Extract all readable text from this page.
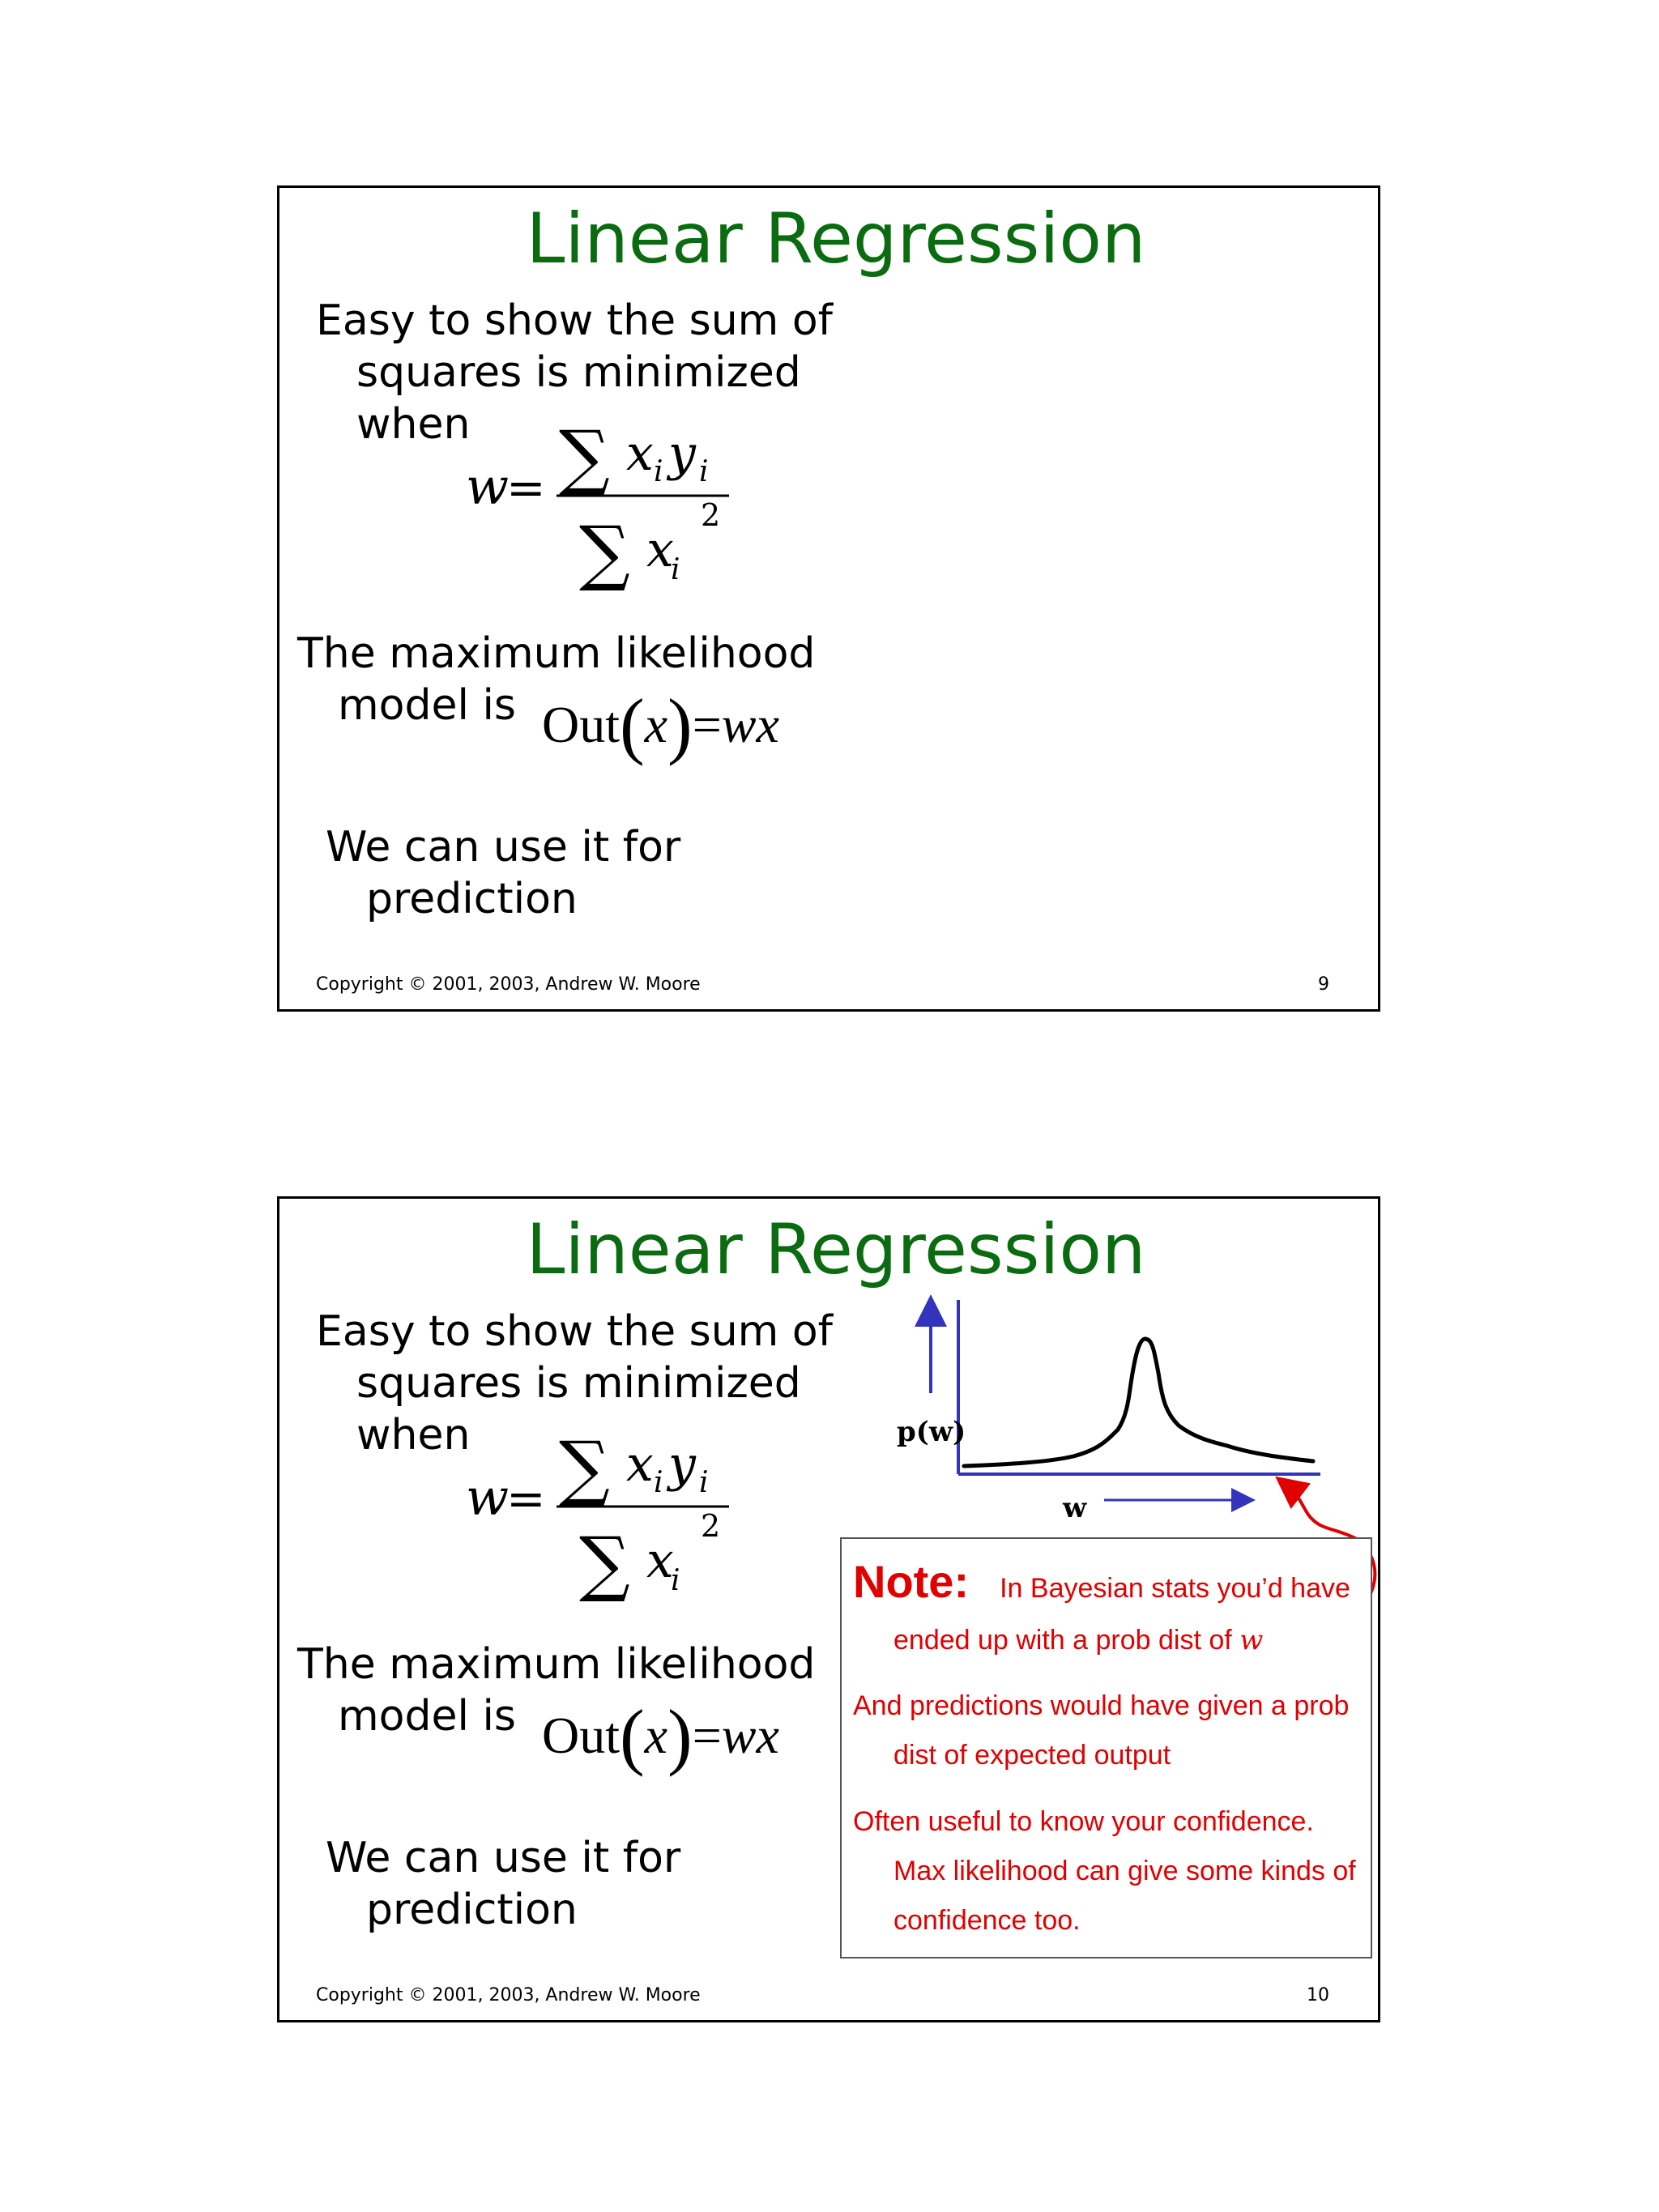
Linear Regression
Easy to show the sum of
squares is minimized
when
w
= ∑ x i y i
∑ x
i
2
The maximum likelihood
model is Out(x)=wx
We can use it for
prediction
Copyright © 2001, 2003, Andrew W. Moore	9
Linear Regression
Easy to show the sum of
squares is minimized
when
w
= ∑ x i y i
∑ x
i
2
The maximum likelihood
model is Out(x)=wx
We can use it for
prediction
p(w)
w
Note: In Bayesian stats you’d have
ended up with a prob dist of w
And predictions would have given a prob
dist of expected output
Often useful to know your confidence.
Max likelihood can give some kinds of
confidence too.
Copyright © 2001, 2003, Andrew W. Moore	10
